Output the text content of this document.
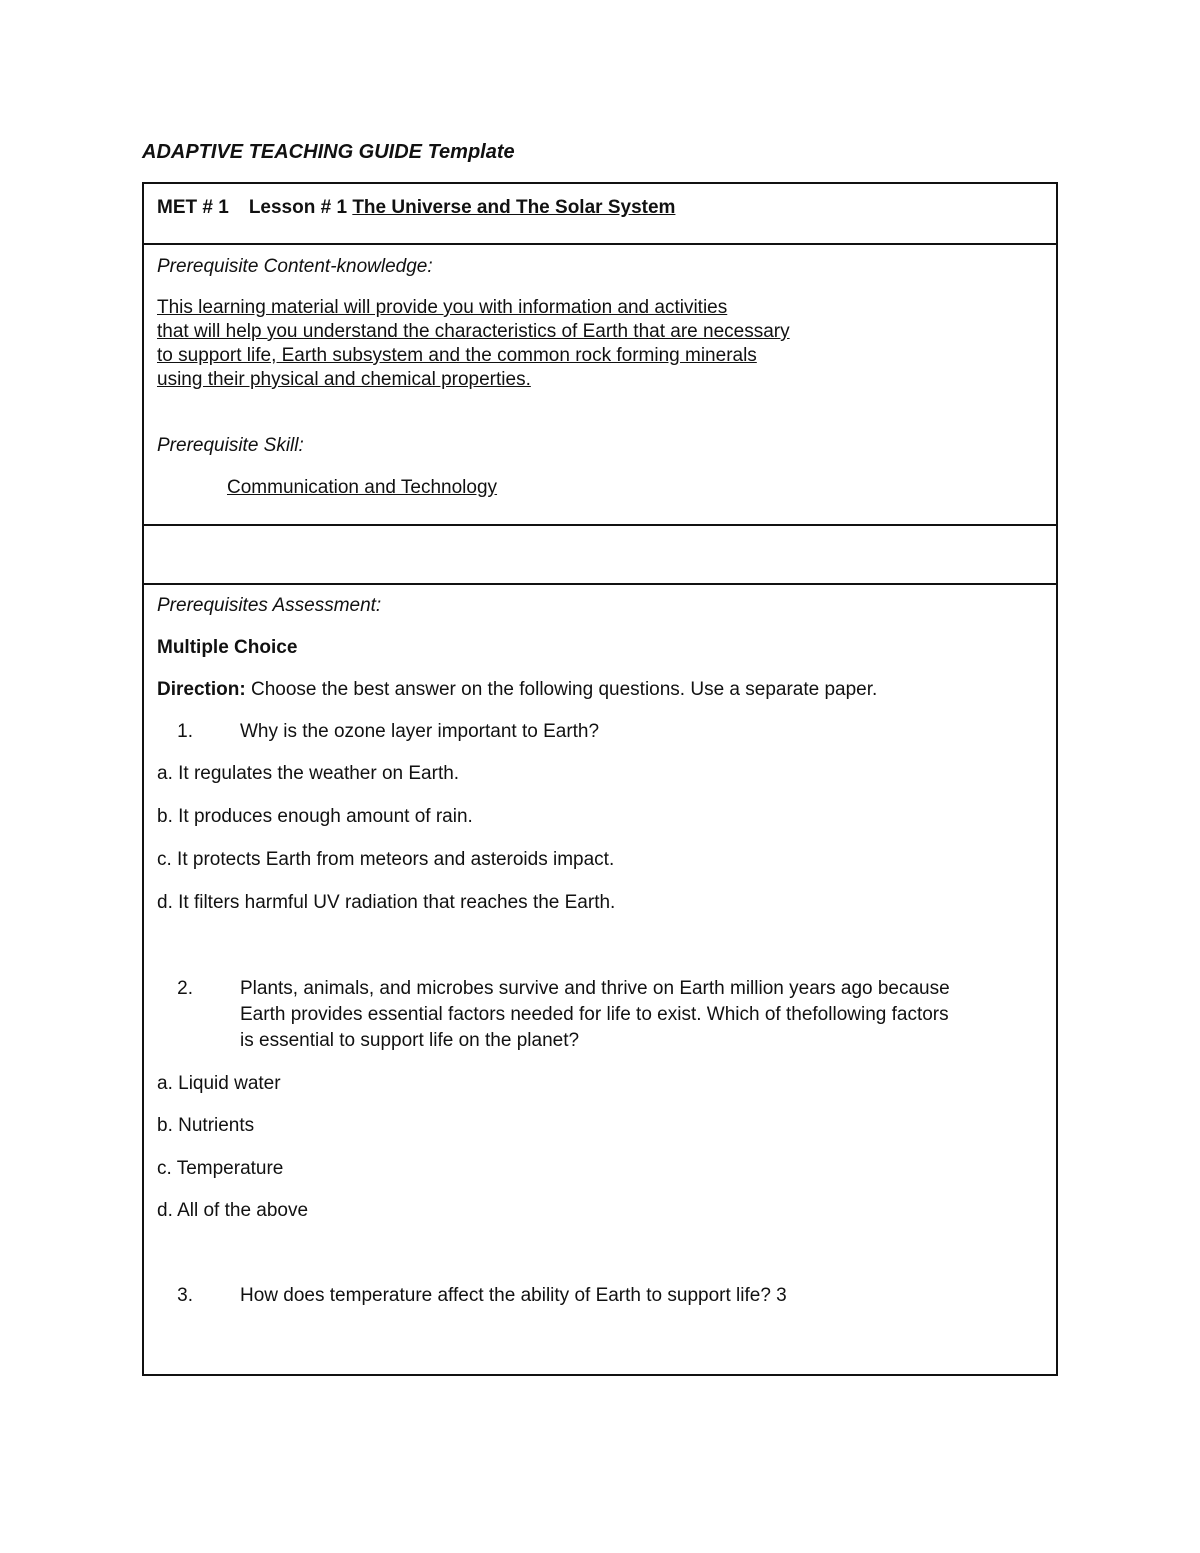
ADAPTIVE TEACHING GUIDE Template
MET # 1 Lesson # 1 The Universe and The Solar System
Prerequisite Content-knowledge:
This learning material will provide you with information and activities
that will help you understand the characteristics of Earth that are necessary
to support life, Earth subsystem and the common rock forming minerals
using their physical and chemical properties.
Prerequisite Skill:
Communication and Technology
Prerequisites Assessment:
Multiple Choice
Direction: Choose the best answer on the following questions. Use a separate paper.
1. Why is the ozone layer important to Earth?
a. It regulates the weather on Earth.
b. It produces enough amount of rain.
c. It protects Earth from meteors and asteroids impact.
d. It filters harmful UV radiation that reaches the Earth.
2. Plants, animals, and microbes survive and thrive on Earth million years ago because
Earth provides essential factors needed for life to exist. Which of thefollowing factors
is essential to support life on the planet?
a. Liquid water
b. Nutrients
c. Temperature
d. All of the above
3. How does temperature affect the ability of Earth to support life? 3
